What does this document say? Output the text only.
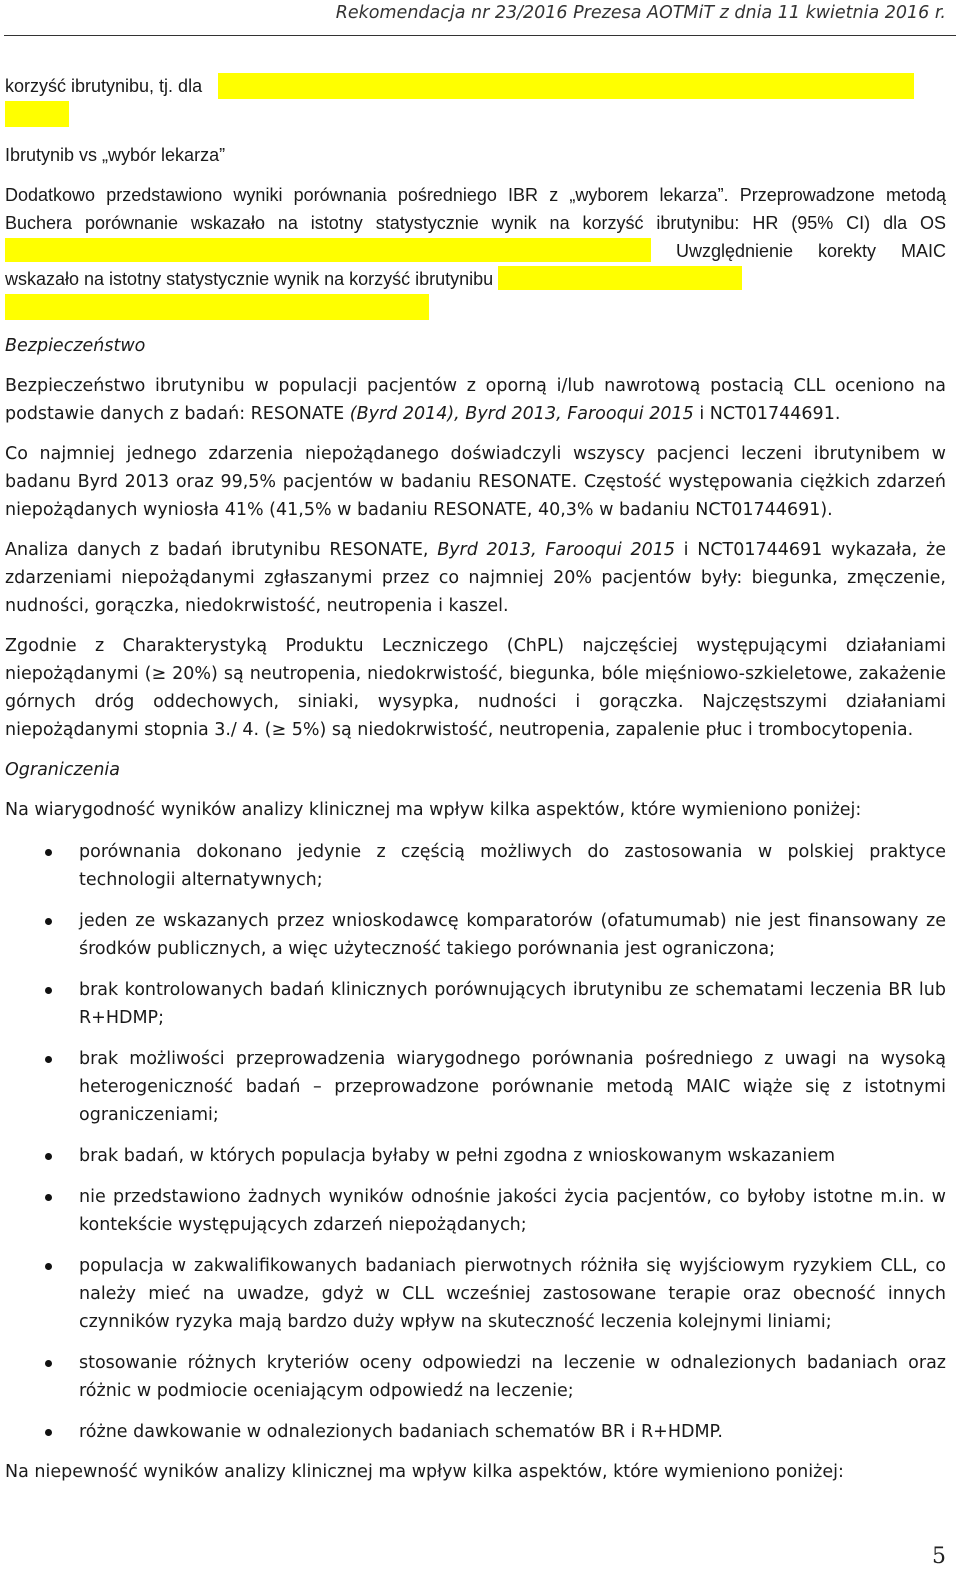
Rekomendacja nr 23/2016 Prezesa AOTMiT z dnia 11 kwietnia 2016 r.
korzyść ibrutynibu, tj. dla

Ibrutynib vs „wybór lekarza”

Dodatkowo przedstawiono wyniki porównania pośredniego IBR z „wyborem lekarza”. Przeprowadzone metodą Buchera porównanie wskazało na istotny statystycznie wynik na korzyść ibrutynibu: HR (95% CI) dla OS  Uwzględnienie korekty MAIC wskazało na istotny statystycznie wynik na korzyść ibrutynibu

Bezpieczeństwo

Bezpieczeństwo ibrutynibu w populacji pacjentów z oporną i/lub nawrotową postacią CLL oceniono na podstawie danych z badań: RESONATE (Byrd 2014), Byrd 2013, Farooqui 2015 i NCT01744691.

Co najmniej jednego zdarzenia niepożądanego doświadczyli wszyscy pacjenci leczeni ibrutynibem w badanu Byrd 2013 oraz 99,5% pacjentów w badaniu RESONATE. Częstość występowania ciężkich zdarzeń niepożądanych wyniosła 41% (41,5% w badaniu RESONATE, 40,3% w badaniu NCT01744691).

Analiza danych z badań ibrutynibu RESONATE, Byrd 2013, Farooqui 2015 i NCT01744691 wykazała, że zdarzeniami niepożądanymi zgłaszanymi przez co najmniej 20% pacjentów były: biegunka, zmęczenie, nudności, gorączka, niedokrwistość, neutropenia i kaszel.

Zgodnie z Charakterystyką Produktu Leczniczego (ChPL) najczęściej występującymi działaniami niepożądanymi (≥ 20%) są neutropenia, niedokrwistość, biegunka, bóle mięśniowo-szkieletowe, zakażenie górnych dróg oddechowych, siniaki, wysypka, nudności i gorączka. Najczęstszymi działaniami niepożądanymi stopnia 3./ 4. (≥ 5%) są niedokrwistość, neutropenia, zapalenie płuc i trombocytopenia.

Ograniczenia

Na wiarygodność wyników analizy klinicznej ma wpływ kilka aspektów, które wymieniono poniżej:

porównania dokonano jedynie z częścią możliwych do zastosowania w polskiej praktyce technologii alternatywnych;
jeden ze wskazanych przez wnioskodawcę komparatorów (ofatumumab) nie jest finansowany ze środków publicznych, a więc użyteczność takiego porównania jest ograniczona;
brak kontrolowanych badań klinicznych porównujących ibrutynibu ze schematami leczenia BR lub R+HDMP;
brak możliwości przeprowadzenia wiarygodnego porównania pośredniego z uwagi na wysoką heterogeniczność badań – przeprowadzone porównanie metodą MAIC wiąże się z istotnymi ograniczeniami;
brak badań, w których populacja byłaby w pełni zgodna z wnioskowanym wskazaniem
nie przedstawiono żadnych wyników odnośnie jakości życia pacjentów, co byłoby istotne m.in. w kontekście występujących zdarzeń niepożądanych;
populacja w zakwalifikowanych badaniach pierwotnych różniła się wyjściowym ryzykiem CLL, co należy mieć na uwadze, gdyż w CLL wcześniej zastosowane terapie oraz obecność innych czynników ryzyka mają bardzo duży wpływ na skuteczność leczenia kolejnymi liniami;
stosowanie różnych kryteriów oceny odpowiedzi na leczenie w odnalezionych badaniach oraz różnic w podmiocie oceniającym odpowiedź na leczenie;
różne dawkowanie w odnalezionych badaniach schematów BR i R+HDMP.

Na niepewność wyników analizy klinicznej ma wpływ kilka aspektów, które wymieniono poniżej:

5
